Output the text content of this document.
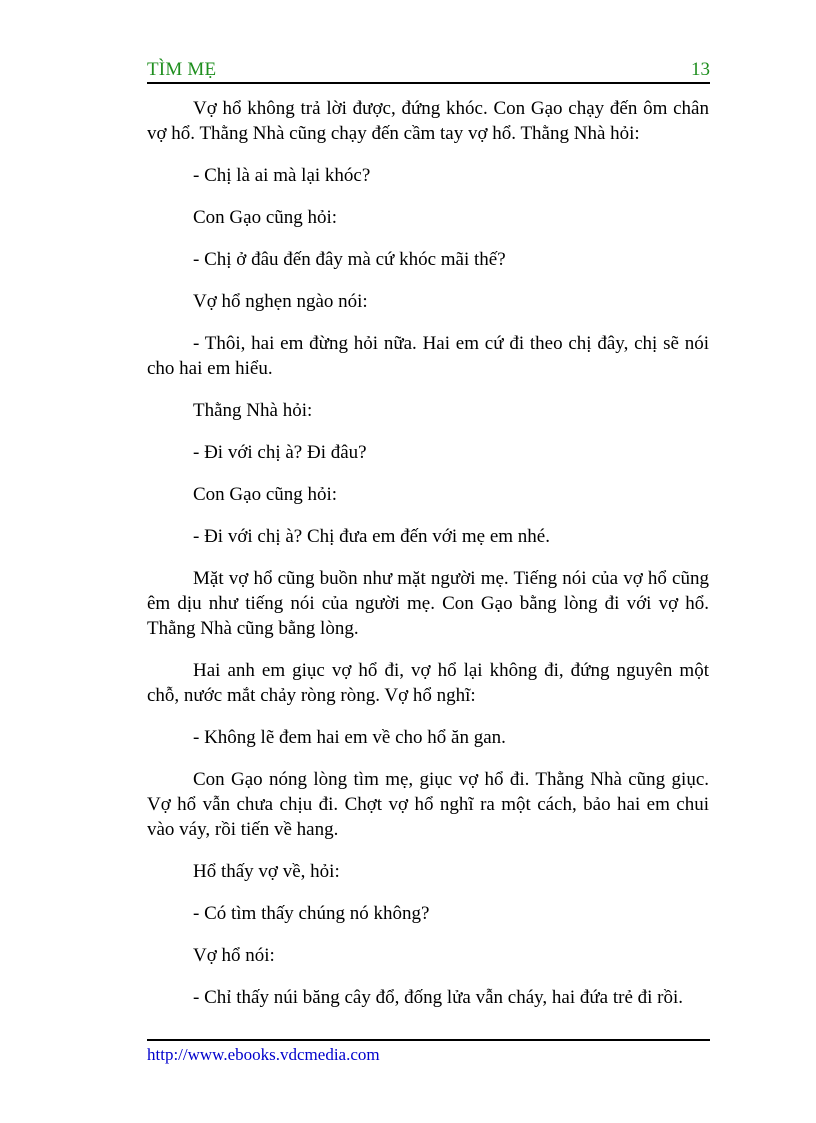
TÌM MẸ	13

Vợ hổ không trả lời được, đứng khóc. Con Gạo chạy đến ôm chân vợ hổ. Thằng Nhà cũng chạy đến cầm tay vợ hổ. Thằng Nhà hỏi:

- Chị là ai mà lại khóc?

Con Gạo cũng hỏi:

- Chị ở đâu đến đây mà cứ khóc mãi thế?

Vợ hổ nghẹn ngào nói:

- Thôi, hai em đừng hỏi nữa. Hai em cứ đi theo chị đây, chị sẽ nói cho hai em hiểu.

Thằng Nhà hỏi:

- Đi với chị à? Đi đâu?

Con Gạo cũng hỏi:

- Đi với chị à? Chị đưa em đến với mẹ em nhé.

Mặt vợ hổ cũng buồn như mặt người mẹ. Tiếng nói của vợ hổ cũng êm dịu như tiếng nói của người mẹ. Con Gạo bằng lòng đi với vợ hổ. Thằng Nhà cũng bằng lòng.

Hai anh em giục vợ hổ đi, vợ hổ lại không đi, đứng nguyên một chỗ, nước mắt chảy ròng ròng. Vợ hổ nghĩ:

- Không lẽ đem hai em về cho hổ ăn gan.

Con Gạo nóng lòng tìm mẹ, giục vợ hổ đi. Thằng Nhà cũng giục. Vợ hổ vẫn chưa chịu đi. Chợt vợ hổ nghĩ ra một cách, bảo hai em chui vào váy, rồi tiến về hang.

Hổ thấy vợ về, hỏi:

- Có tìm thấy chúng nó không?

Vợ hổ nói:

- Chỉ thấy núi băng cây đổ, đống lửa vẫn cháy, hai đứa trẻ đi rồi.

http://www.ebooks.vdcmedia.com
